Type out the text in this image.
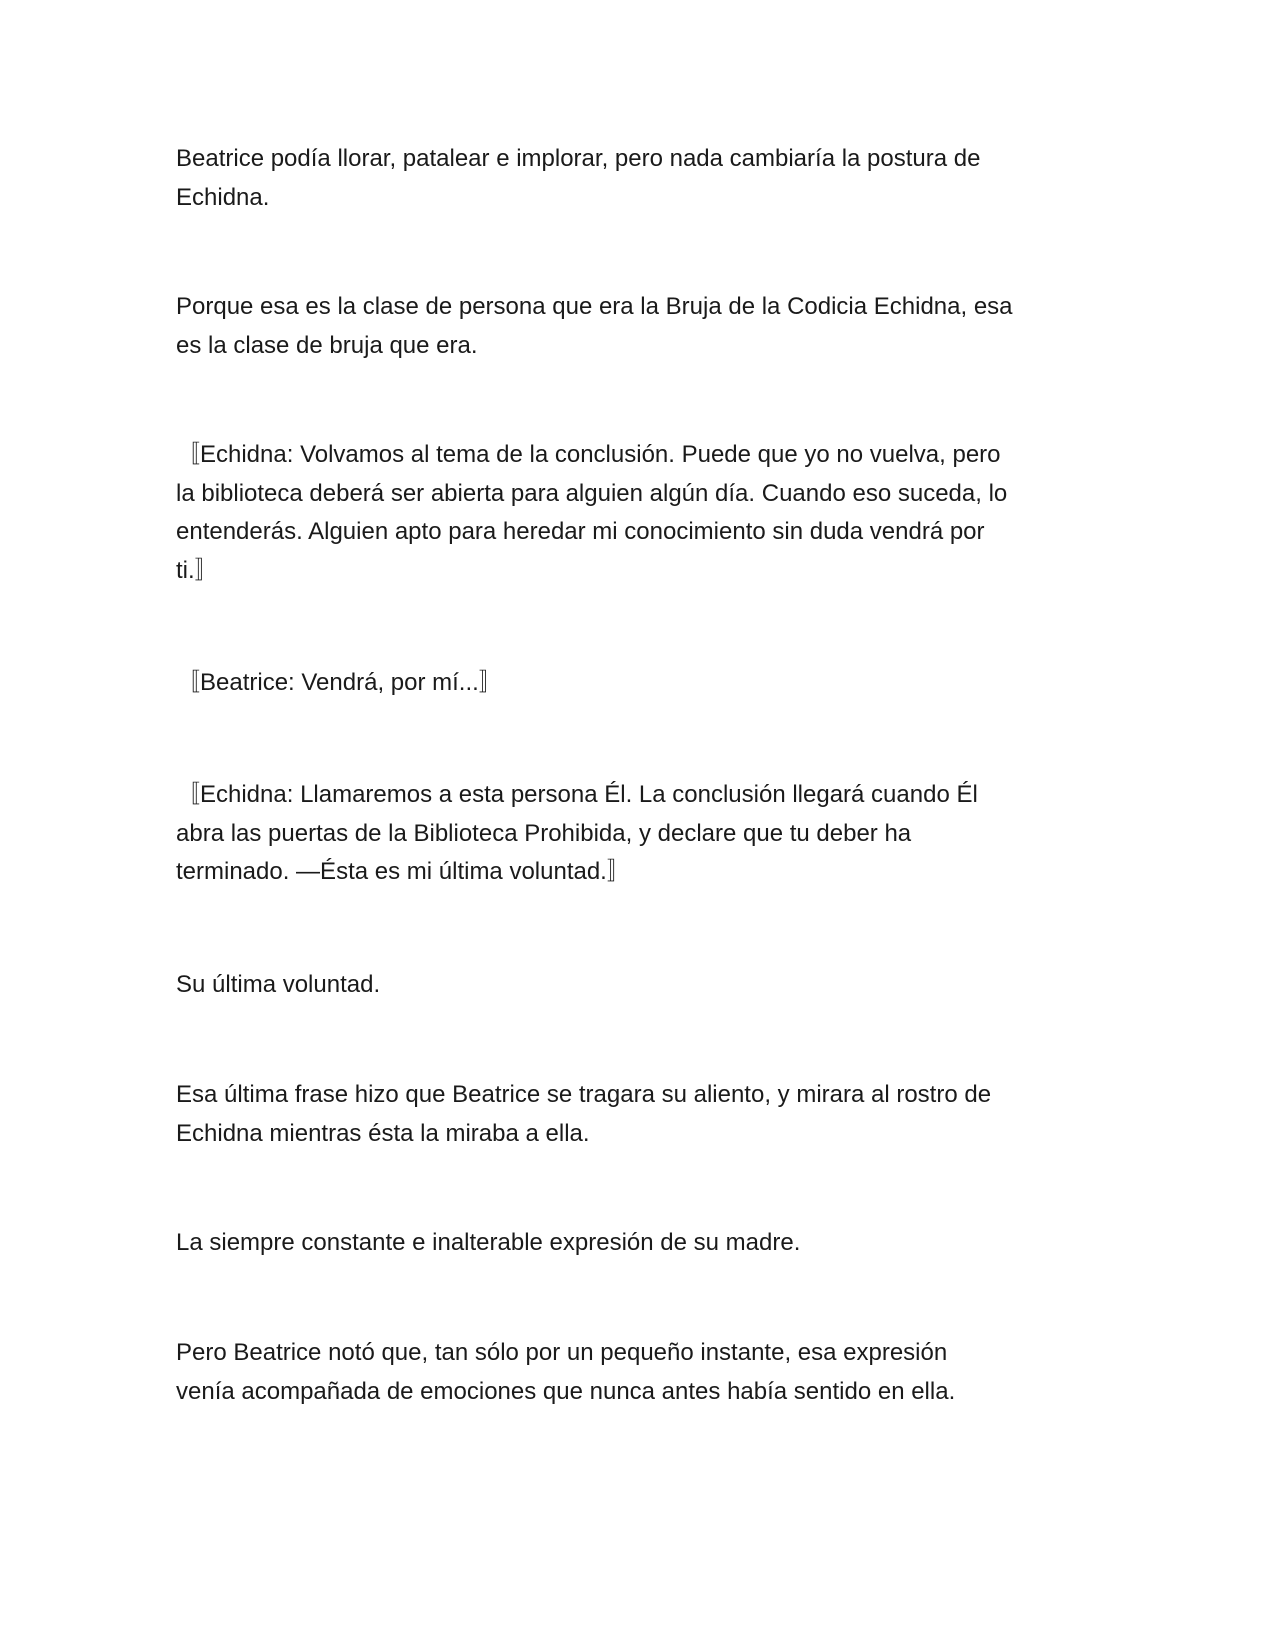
Beatrice podía llorar, patalear e implorar, pero nada cambiaría la postura de
Echidna.

Porque esa es la clase de persona que era la Bruja de la Codicia Echidna, esa
es la clase de bruja que era.

〚Echidna: Volvamos al tema de la conclusión. Puede que yo no vuelva, pero
la biblioteca deberá ser abierta para alguien algún día. Cuando eso suceda, lo
entenderás. Alguien apto para heredar mi conocimiento sin duda vendrá por
ti.〛

〚Beatrice: Vendrá, por mí...〛

〚Echidna: Llamaremos a esta persona Él. La conclusión llegará cuando Él
abra las puertas de la Biblioteca Prohibida, y declare que tu deber ha
terminado. —Ésta es mi última voluntad.〛

Su última voluntad.

Esa última frase hizo que Beatrice se tragara su aliento, y mirara al rostro de
Echidna mientras ésta la miraba a ella.

La siempre constante e inalterable expresión de su madre.

Pero Beatrice notó que, tan sólo por un pequeño instante, esa expresión
venía acompañada de emociones que nunca antes había sentido en ella.
